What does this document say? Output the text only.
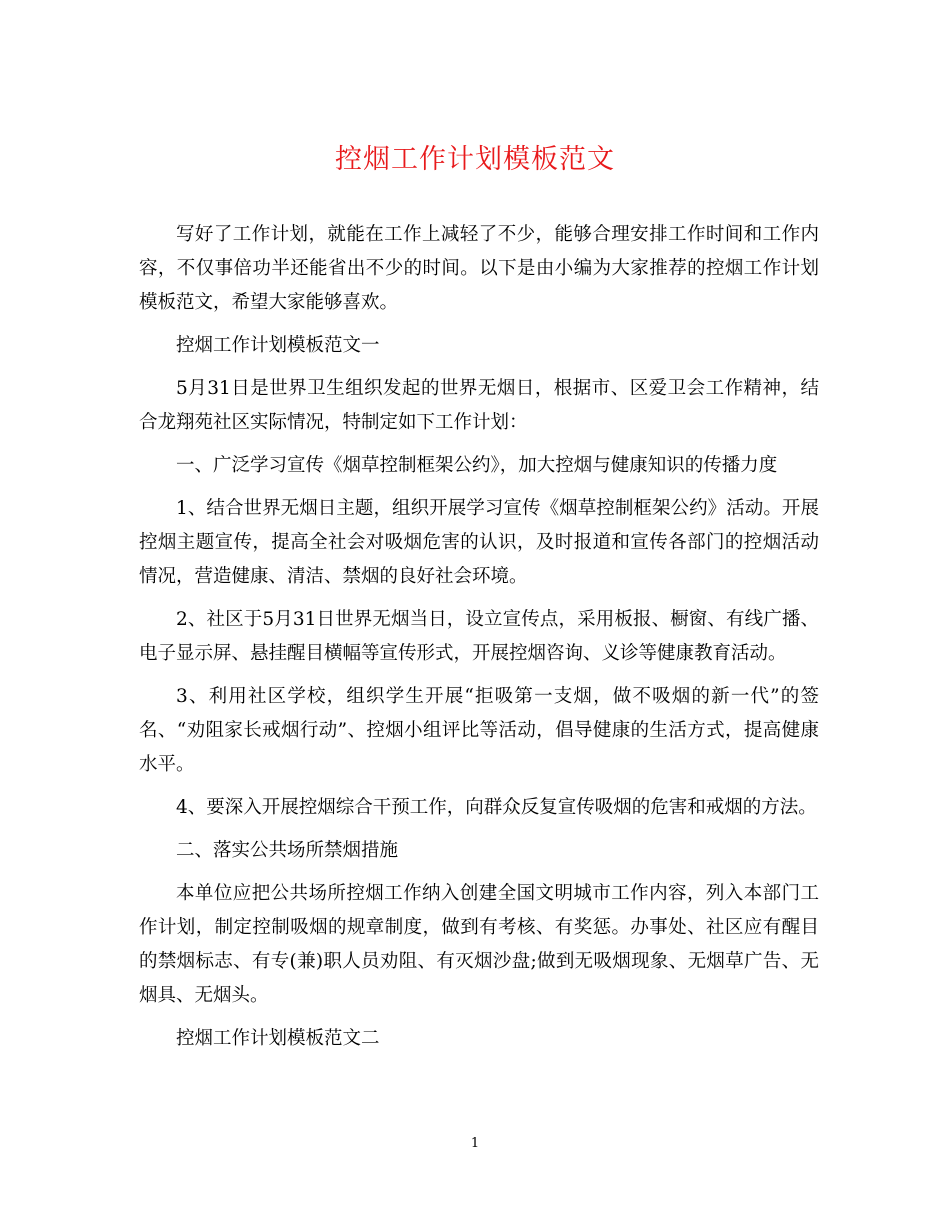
控烟工作计划模板范文

写好了工作计划，就能在工作上减轻了不少，能够合理安排工作时间和工作内容，不仅事倍功半还能省出不少的时间。以下是由小编为大家推荐的控烟工作计划模板范文，希望大家能够喜欢。

控烟工作计划模板范文一

5月31日是世界卫生组织发起的世界无烟日，根据市、区爱卫会工作精神，结合龙翔苑社区实际情况，特制定如下工作计划：

一、广泛学习宣传《烟草控制框架公约》，加大控烟与健康知识的传播力度

1、结合世界无烟日主题，组织开展学习宣传《烟草控制框架公约》活动。开展控烟主题宣传，提高全社会对吸烟危害的认识，及时报道和宣传各部门的控烟活动情况，营造健康、清洁、禁烟的良好社会环境。

2、社区于5月31日世界无烟当日，设立宣传点，采用板报、橱窗、有线广播、电子显示屏、悬挂醒目横幅等宣传形式，开展控烟咨询、义诊等健康教育活动。

3、利用社区学校，组织学生开展“拒吸第一支烟，做不吸烟的新一代”的签名、“劝阻家长戒烟行动”、控烟小组评比等活动，倡导健康的生活方式，提高健康水平。

4、要深入开展控烟综合干预工作，向群众反复宣传吸烟的危害和戒烟的方法。

二、落实公共场所禁烟措施

本单位应把公共场所控烟工作纳入创建全国文明城市工作内容，列入本部门工作计划，制定控制吸烟的规章制度，做到有考核、有奖惩。办事处、社区应有醒目的禁烟标志、有专(兼)职人员劝阻、有灭烟沙盘;做到无吸烟现象、无烟草广告、无烟具、无烟头。

控烟工作计划模板范文二

1
